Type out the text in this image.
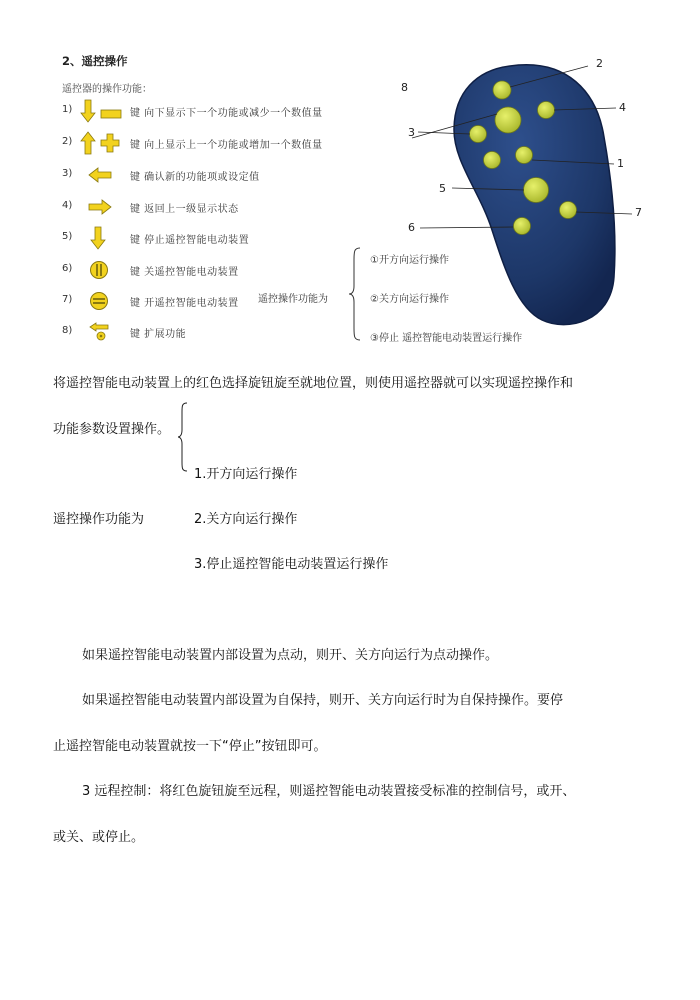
2、遥控操作
遥控器的操作功能：
1)	键 向下显示下一个功能或减少一个数值量
2)	键 向上显示上一个功能或增加一个数值量
3)	键 确认新的功能项或设定值
4)	键 返回上一级显示状态
5)	键 停止遥控智能电动装置
6)	键 关遥控智能电动装置
7)	键 开遥控智能电动装置
8)	键 扩展功能
2
8
4
3
1
5
7
6
遥控操作功能为
①开方向运行操作
②关方向运行操作
③停止 遥控智能电动装置运行操作
将遥控智能电动装置上的红色选择旋钮旋至就地位置，则使用遥控器就可以实现遥控操作和
功能参数设置操作。
1.开方向运行操作
遥控操作功能为	2.关方向运行操作
3.停止遥控智能电动装置运行操作
如果遥控智能电动装置内部设置为点动，则开、关方向运行为点动操作。
如果遥控智能电动装置内部设置为自保持，则开、关方向运行时为自保持操作。要停
止遥控智能电动装置就按一下“停止”按钮即可。
3 远程控制：将红色旋钮旋至远程，则遥控智能电动装置接受标准的控制信号，或开、
或关、或停止。
